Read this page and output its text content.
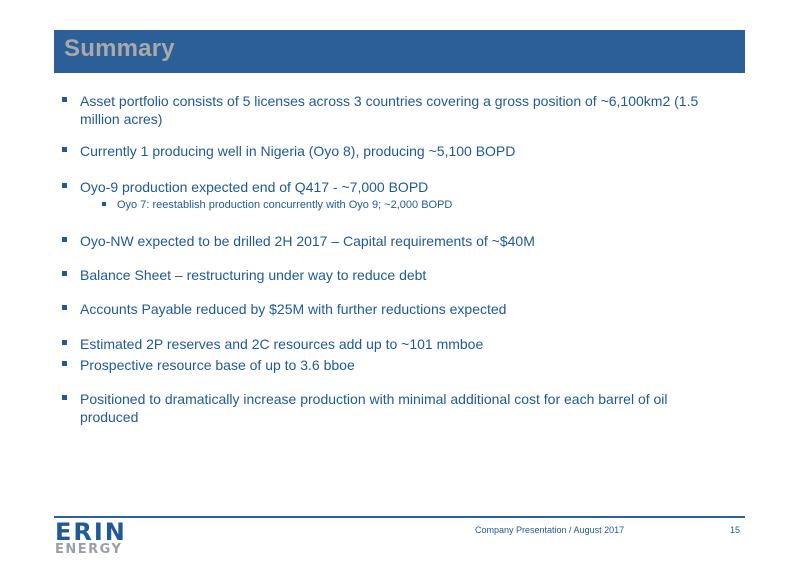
Summary
Asset portfolio consists of 5 licenses across 3 countries covering a gross position of ~6,100km2 (1.5 million acres)
Currently 1 producing well in Nigeria (Oyo 8), producing ~5,100 BOPD
Oyo-9 production expected end of Q417 - ~7,000 BOPD
Oyo 7: reestablish production concurrently with Oyo 9; ~2,000 BOPD
Oyo-NW expected to be drilled 2H 2017 – Capital requirements of ~$40M
Balance Sheet – restructuring under way to reduce debt
Accounts Payable reduced by $25M with further reductions expected
Estimated 2P reserves and 2C resources add up to ~101 mmboe
Prospective resource base of up to 3.6 bboe
Positioned to dramatically increase production with minimal additional cost for each barrel of oil produced
ERIN
ENERGY
Company Presentation / August 2017	15
